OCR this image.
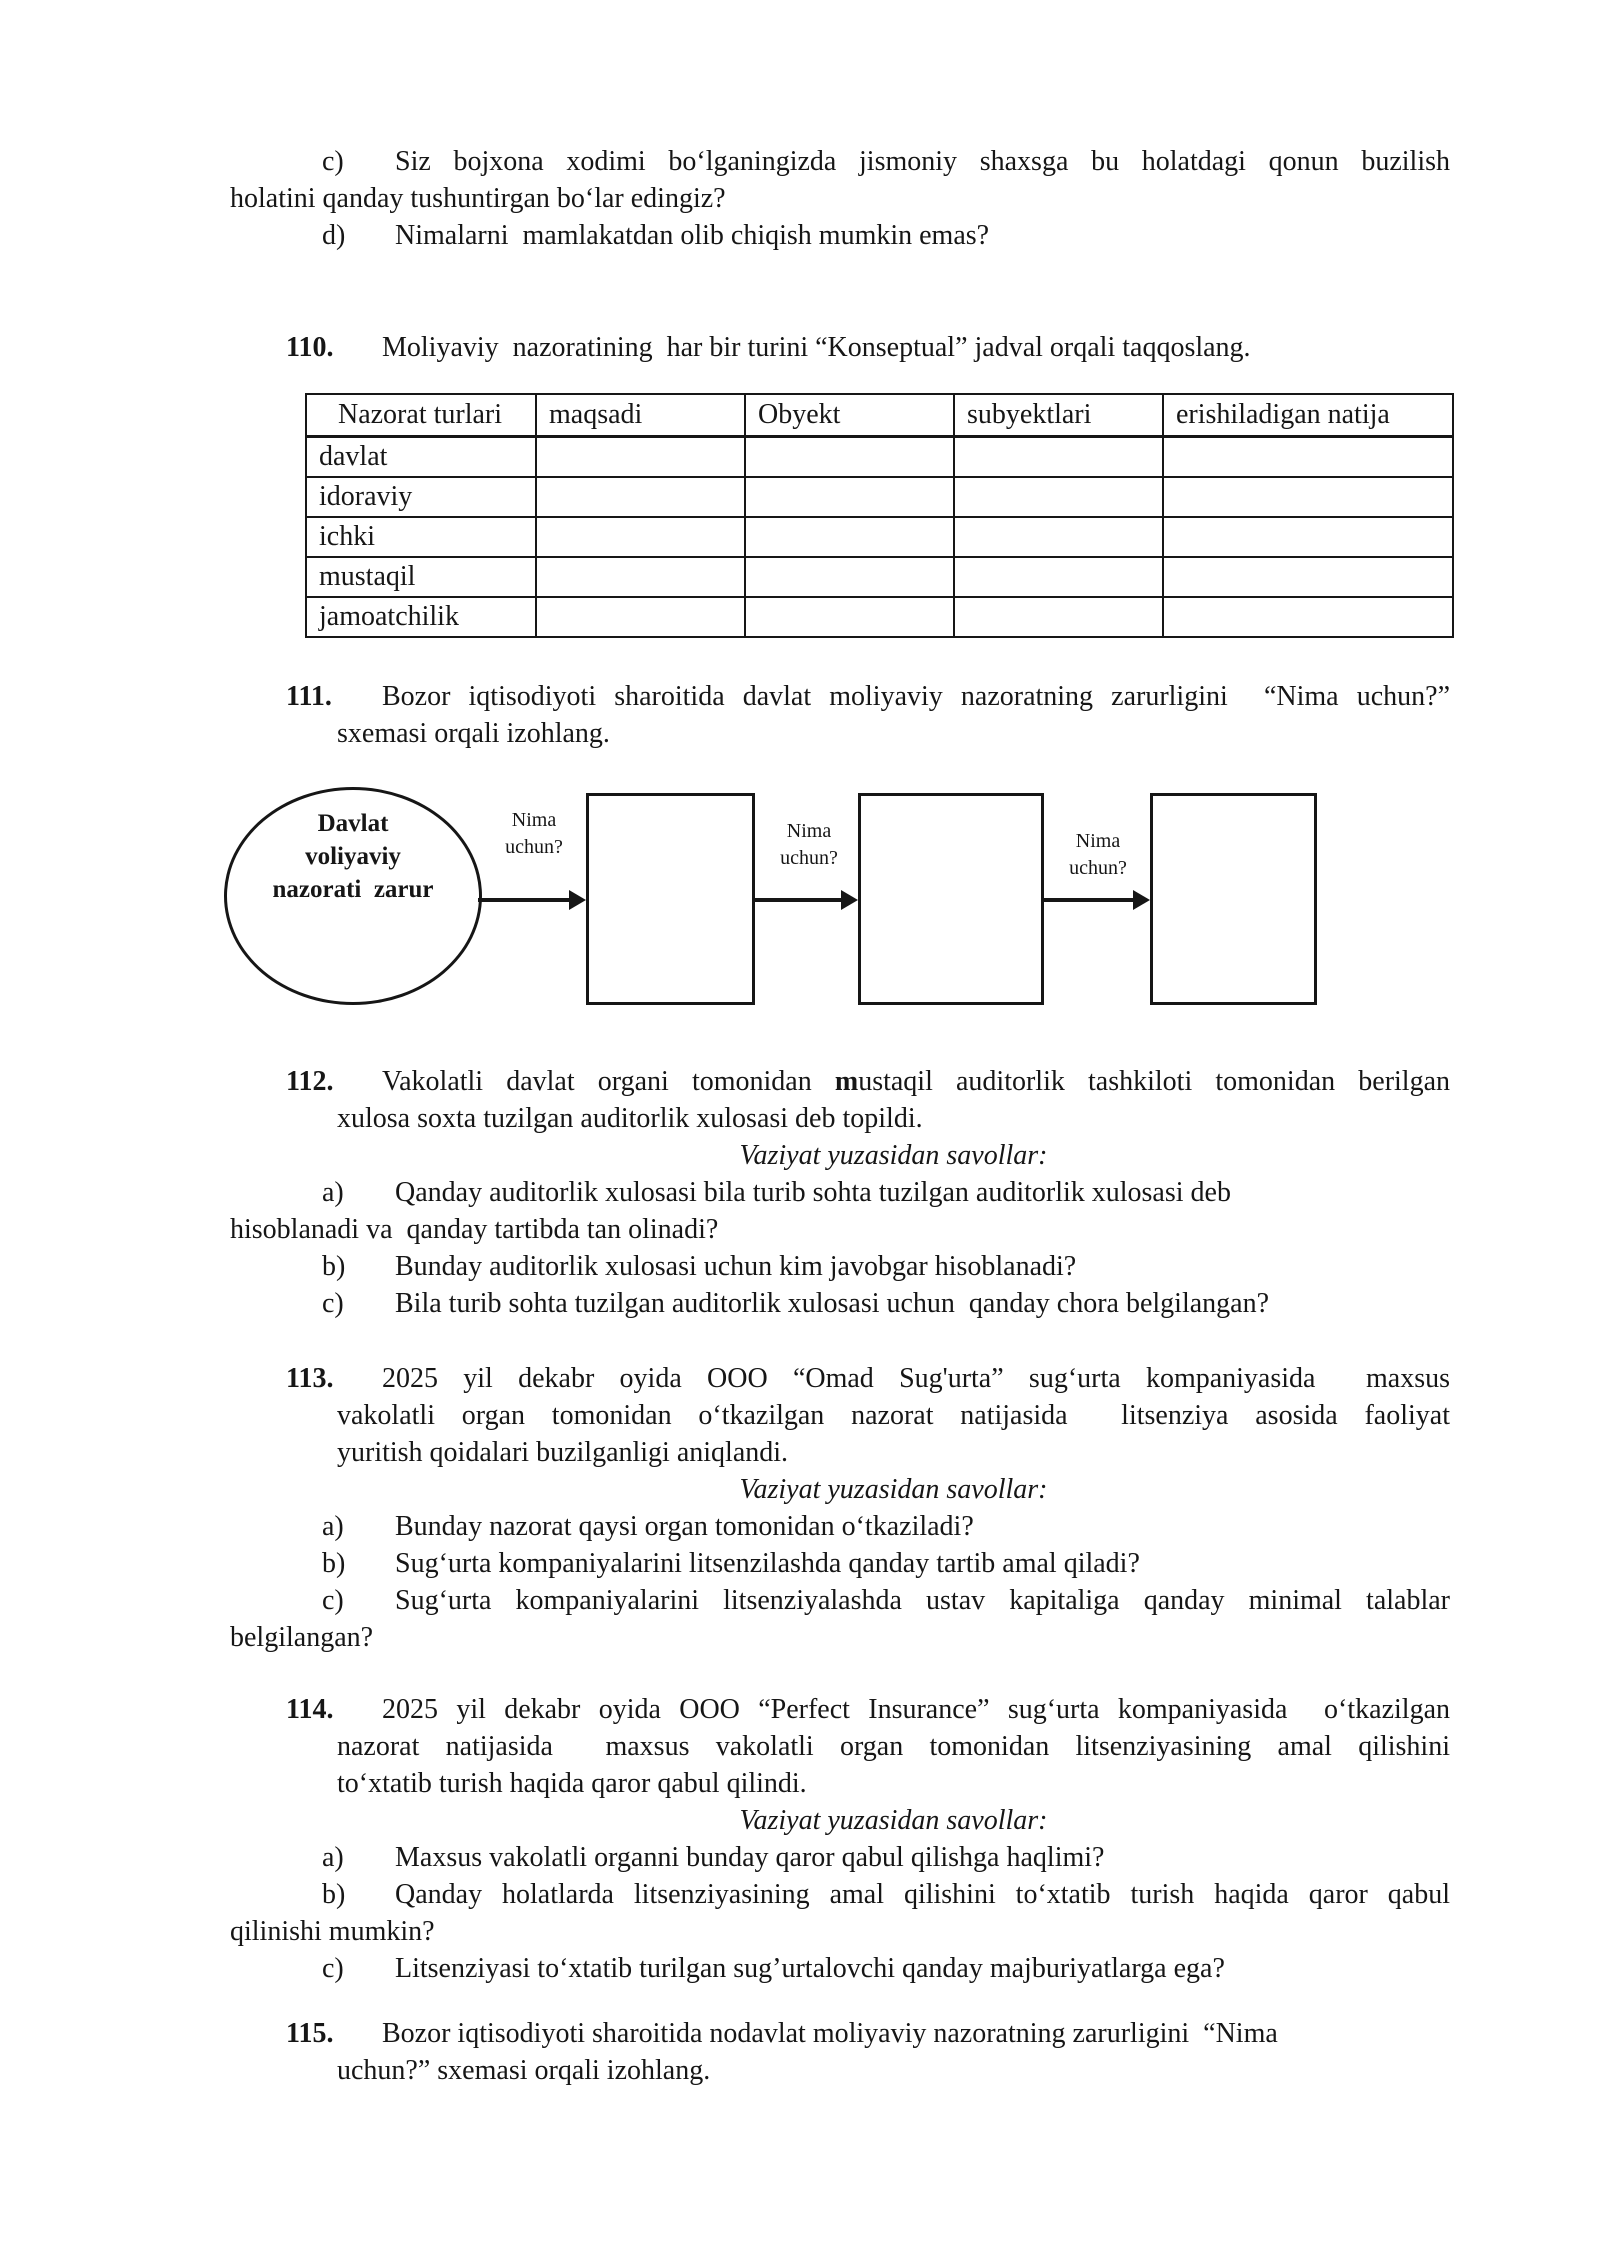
c) Siz bojxona xodimi bo‘lganingizda jismoniy shaxsga bu holatdagi qonun buzilish

holatini qanday tushuntirgan bo‘lar edingiz?

d) Nimalarni  mamlakatdan olib chiqish mumkin emas?

110. Moliyaviy  nazoratining  har bir turini “Konseptual” jadval orqali taqqoslang.

Nazorat turlari	maqsadi	Obyekt	subyektlari	erishiladigan natija
davlat				
idoraviy				
ichki				
mustaqil				
jamoatchilik				

111. Bozor iqtisodiyoti sharoitida davlat moliyaviy nazoratning zarurligini  “Nima uchun?”

sxemasi orqali izohlang.

Davlat

voliyaviy

nazorati  zarur

Nima
uchun?
Nima
uchun?
Nima
uchun?

112. Vakolatli davlat organi tomonidan mustaqil auditorlik tashkiloti tomonidan berilgan

xulosa soxta tuzilgan auditorlik xulosasi deb topildi.

Vaziyat yuzasidan savollar:

a) Qanday auditorlik xulosasi bila turib sohta tuzilgan auditorlik xulosasi deb

hisoblanadi va  qanday tartibda tan olinadi?

b) Bunday auditorlik xulosasi uchun kim javobgar hisoblanadi?

c) Bila turib sohta tuzilgan auditorlik xulosasi uchun  qanday chora belgilangan?

113. 2025 yil dekabr oyida OOO “Omad Sug'urta” sug‘urta kompaniyasida  maxsus

vakolatli organ tomonidan o‘tkazilgan nazorat natijasida  litsenziya asosida faoliyat

yuritish qoidalari buzilganligi aniqlandi.

Vaziyat yuzasidan savollar:

a) Bunday nazorat qaysi organ tomonidan o‘tkaziladi?

b) Sug‘urta kompaniyalarini litsenzilashda qanday tartib amal qiladi?

c) Sug‘urta kompaniyalarini litsenziyalashda ustav kapitaliga qanday minimal talablar

belgilangan?

114. 2025 yil dekabr oyida OOO “Perfect Insurance” sug‘urta kompaniyasida  o‘tkazilgan

nazorat natijasida  maxsus vakolatli organ tomonidan litsenziyasining amal qilishini

to‘xtatib turish haqida qaror qabul qilindi.

Vaziyat yuzasidan savollar:

a) Maxsus vakolatli organni bunday qaror qabul qilishga haqlimi?

b) Qanday holatlarda litsenziyasining amal qilishini to‘xtatib turish haqida qaror qabul

qilinishi mumkin?

c) Litsenziyasi to‘xtatib turilgan sug’urtalovchi qanday majburiyatlarga ega?

115. Bozor iqtisodiyoti sharoitida nodavlat moliyaviy nazoratning zarurligini  “Nima

uchun?” sxemasi orqali izohlang.
